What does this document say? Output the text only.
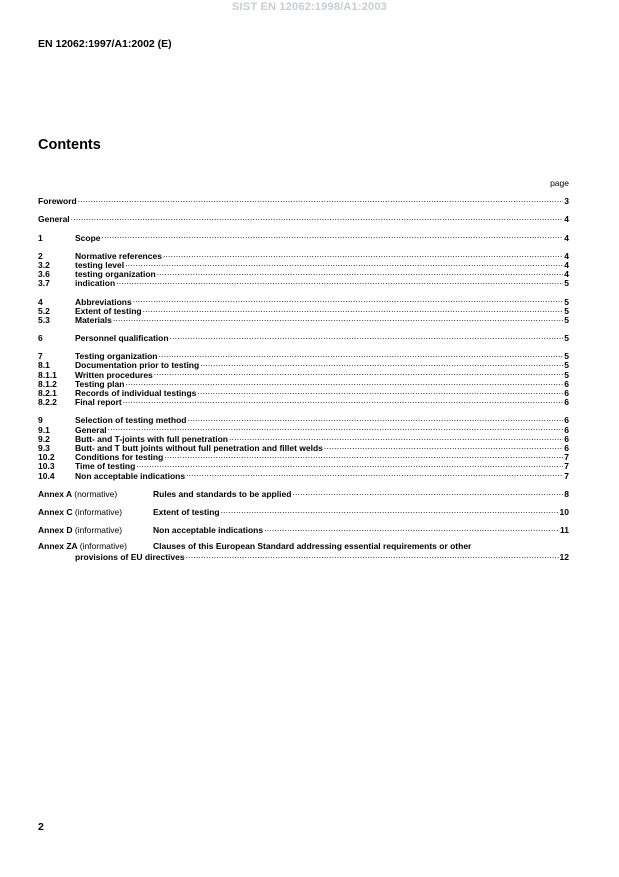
SIST EN 12062:1998/A1:2003
EN 12062:1997/A1:2002 (E)
Contents
page
Foreword .....	3
General .....	4
1	Scope .....	4
2	Normative references .....	4
3.2	testing level .....	4
3.6	testing organization .....	4
3.7	indication .....	5
4	Abbreviations .....	5
5.2	Extent of testing .....	5
5.3	Materials .....	5
6	Personnel qualification .....	5
7	Testing organization .....	5
8.1	Documentation prior to testing .....	5
8.1.1	Written procedures .....	5
8.1.2	Testing plan .....	6
8.2.1	Records of individual testings .....	6
8.2.2	Final report .....	6
9	Selection of testing method .....	6
9.1	General .....	6
9.2	Butt- and T-joints with full penetration .....	6
9.3	Butt- and T butt joints without full penetration and fillet welds .....	6
10.2	Conditions for testing .....	7
10.3	Time of testing .....	7
10.4	Non acceptable indications .....	7
Annex A (normative)	Rules and standards to be applied .....	8
Annex C (informative)	Extent of testing .....	10
Annex D (informative)	Non acceptable indications .....	11
Annex ZA (informative)	Clauses of this European Standard addressing essential requirements or other
provisions of EU directives .....	12
2
